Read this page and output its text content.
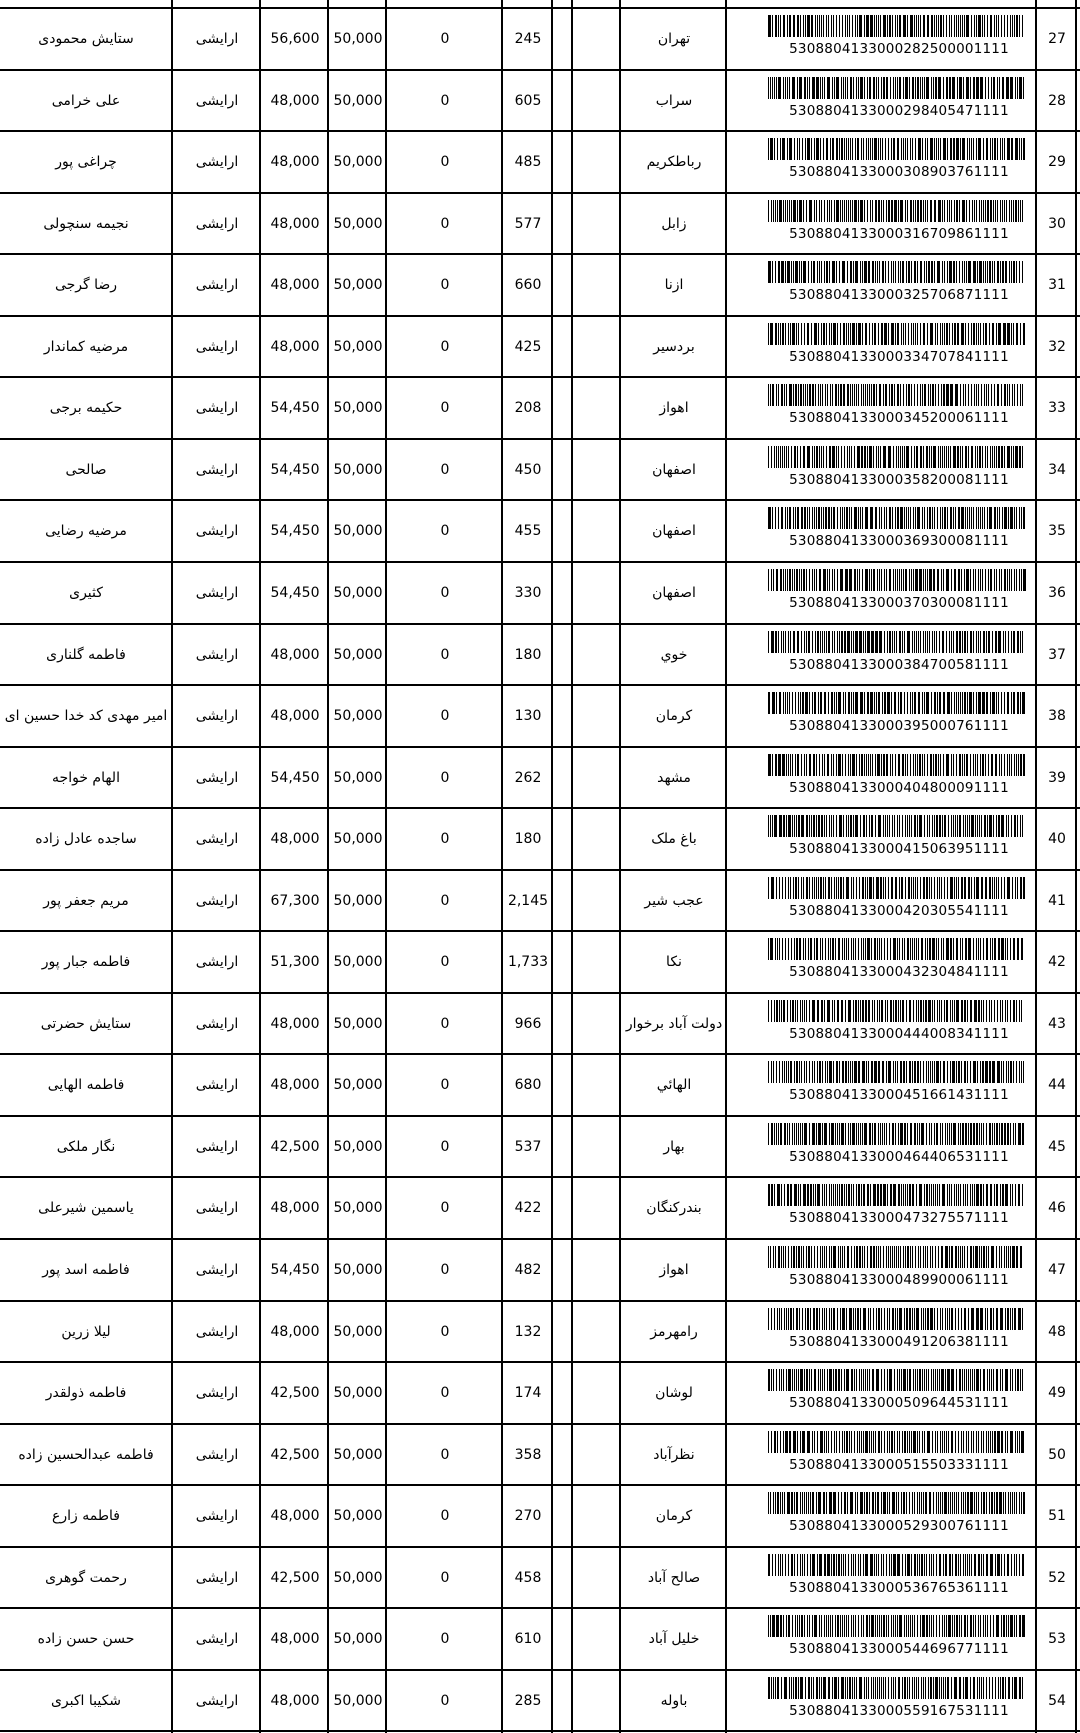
ستایش محمودی	ارایشی	56,600	50,000	0	245	تهران	27
5308804133000282500001111
علی خرامی	ارایشی	48,000	50,000	0	605	سراب	28
5308804133000298405471111
چراغی پور	ارایشی	48,000	50,000	0	485	رباطکریم	29
5308804133000308903761111
نجیمه سنچولی	ارایشی	48,000	50,000	0	577	زابل	30
5308804133000316709861111
رضا گرجی	ارایشی	48,000	50,000	0	660	ازنا	31
5308804133000325706871111
مرضیه کماندار	ارایشی	48,000	50,000	0	425	بردسیر	32
5308804133000334707841111
حکیمه برجی	ارایشی	54,450	50,000	0	208	اهواز	33
5308804133000345200061111
صالحی	ارایشی	54,450	50,000	0	450	اصفهان	34
5308804133000358200081111
مرضیه رضایی	ارایشی	54,450	50,000	0	455	اصفهان	35
5308804133000369300081111
کثیری	ارایشی	54,450	50,000	0	330	اصفهان	36
5308804133000370300081111
فاطمه گلناری	ارایشی	48,000	50,000	0	180	خوي	37
5308804133000384700581111
امیر مهدی کد خدا حسین ای	ارایشی	48,000	50,000	0	130	کرمان	38
5308804133000395000761111
الهام خواجه	ارایشی	54,450	50,000	0	262	مشهد	39
5308804133000404800091111
ساجده عادل زاده	ارایشی	48,000	50,000	0	180	باغ ملک	40
5308804133000415063951111
مریم جعفر پور	ارایشی	67,300	50,000	0	2,145	عجب شیر	41
5308804133000420305541111
فاطمه جبار پور	ارایشی	51,300	50,000	0	1,733	نکا	42
5308804133000432304841111
ستایش حضرتی	ارایشی	48,000	50,000	0	966	دولت آباد برخوار	43
5308804133000444008341111
فاطمه الهایی	ارایشی	48,000	50,000	0	680	الهائي	44
5308804133000451661431111
نگار ملکی	ارایشی	42,500	50,000	0	537	بهار	45
5308804133000464406531111
یاسمین شیرعلی	ارایشی	48,000	50,000	0	422	بندرکنگان	46
5308804133000473275571111
فاطمه اسد پور	ارایشی	54,450	50,000	0	482	اهواز	47
5308804133000489900061111
لیلا زرین	ارایشی	48,000	50,000	0	132	رامهرمز	48
5308804133000491206381111
فاطمه ذولقدر	ارایشی	42,500	50,000	0	174	لوشان	49
5308804133000509644531111
فاطمه عبدالحسین زاده	ارایشی	42,500	50,000	0	358	نظرآباد	50
5308804133000515503331111
فاطمه زارع	ارایشی	48,000	50,000	0	270	کرمان	51
5308804133000529300761111
رحمت گوهری	ارایشی	42,500	50,000	0	458	صالح آباد	52
5308804133000536765361111
حسن حسن زاده	ارایشی	48,000	50,000	0	610	خلیل آباد	53
5308804133000544696771111
شکیبا اکبری	ارایشی	48,000	50,000	0	285	باوله	54
5308804133000559167531111
